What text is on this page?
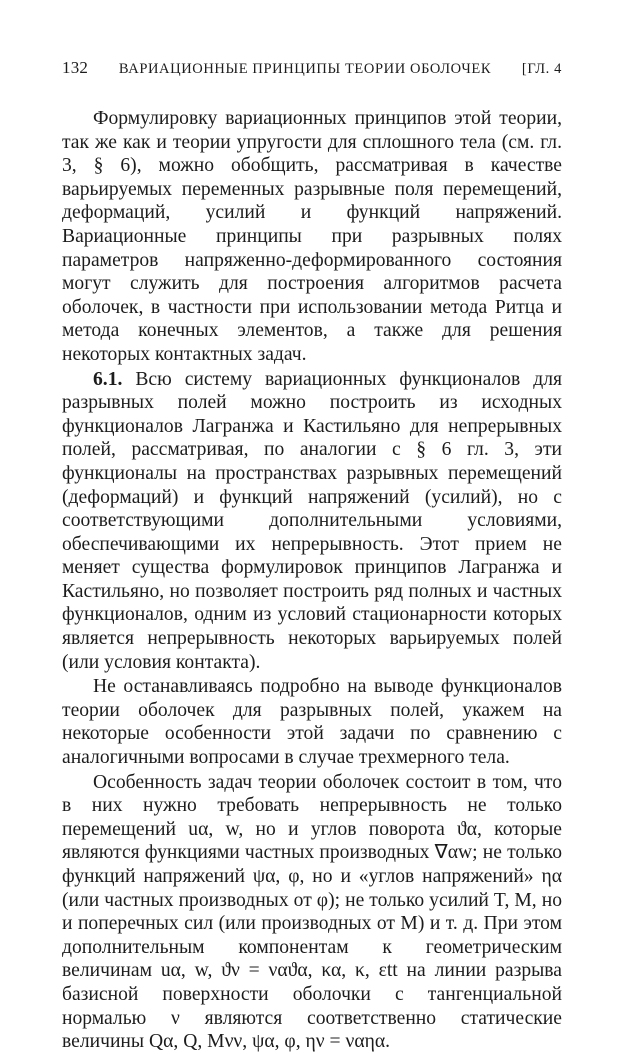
132 ВАРИАЦИОННЫЕ ПРИНЦИПЫ ТЕОРИИ ОБОЛОЧЕК [ГЛ. 4

Формулировку вариационных принципов этой теории, так же как и теории упругости для сплошного тела (см. гл. 3, § 6), можно обобщить, рассматривая в качестве варьируемых переменных разрывные поля перемещений, деформаций, усилий и функций напряжений. Вариационные принципы при разрывных полях параметров напряженно-деформированного состояния могут служить для построения алгоритмов расчета оболочек, в частности при использовании метода Ритца и метода конечных элементов, а также для решения некоторых контактных задач.

6.1. Всю систему вариационных функционалов для разрывных полей можно построить из исходных функционалов Лагранжа и Кастильяно для непрерывных полей, рассматривая, по аналогии с § 6 гл. 3, эти функционалы на пространствах разрывных перемещений (деформаций) и функций напряжений (усилий), но с соответствующими дополнительными условиями, обеспечивающими их непрерывность. Этот прием не меняет существа формулировок принципов Лагранжа и Кастильяно, но позволяет построить ряд полных и частных функционалов, одним из условий стационарности которых является непрерывность некоторых варьируемых полей (или условия контакта).

Не останавливаясь подробно на выводе функционалов теории оболочек для разрывных полей, укажем на некоторые особенности этой задачи по сравнению с аналогичными вопросами в случае трехмерного тела.

Особенность задач теории оболочек состоит в том, что в них нужно требовать непрерывность не только перемещений uα, w, но и углов поворота ϑα, которые являются функциями частных производных ∇αw; не только функций напряжений ψα, φ, но и «углов напряжений» ηα (или частных производных от φ); не только усилий T, M, но и поперечных сил (или производных от M) и т. д. При этом дополнительным компонентам к геометрическим величинам uα, w, ϑν = ναϑα, κα, κ, εtt на линии разрыва базисной поверхности оболочки с тангенциальной нормалью ν являются соответственно статические величины Qα, Q, Mνν, ψα, φ, ην = ναηα.
